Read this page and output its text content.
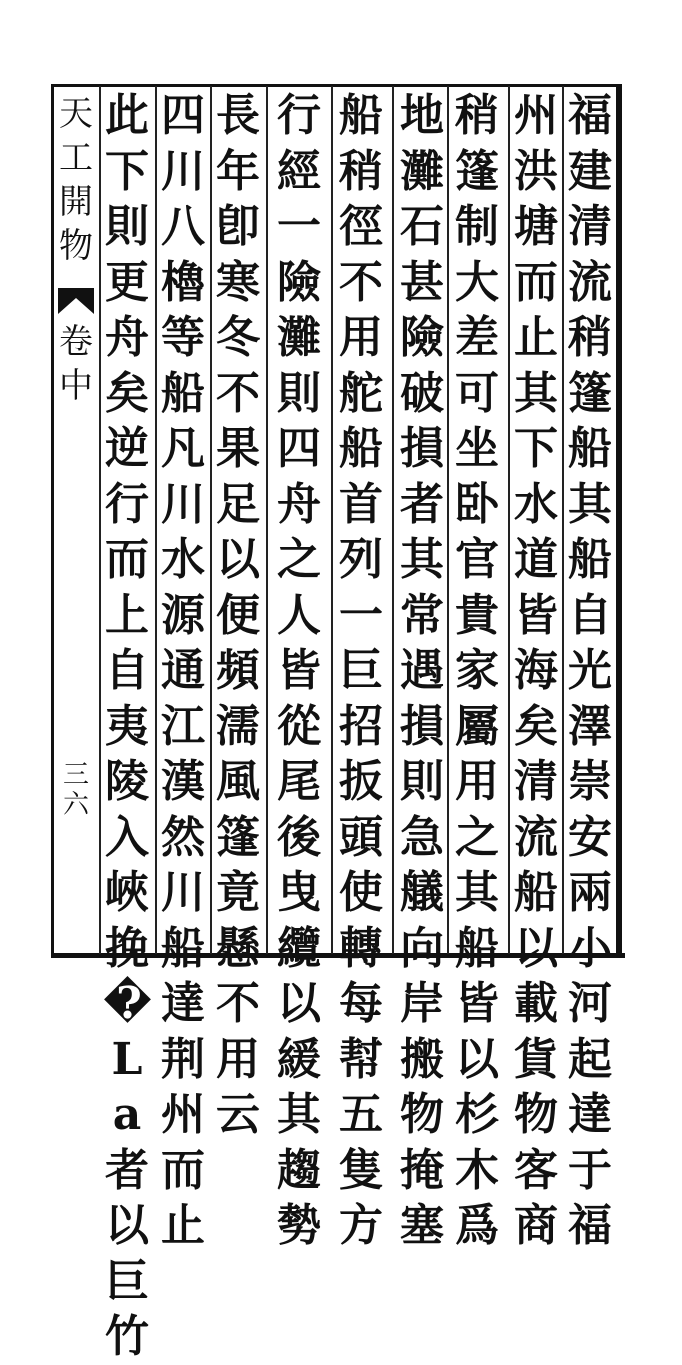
天
工
開
物
卷
中
三
六
福
建
清
流
稍
篷
船
其
船
自
光
澤
崇
安
兩
小
河
起
達
于
福
州
洪
塘
而
止
其
下
水
道
皆
海
矣
清
流
船
以
載
貨
物
客
商
稍
篷
制
大
差
可
坐
卧
官
貴
家
屬
用
之
其
船
皆
以
杉
木
爲
地
灘
石
甚
險
破
損
者
其
常
遇
損
則
急
艤
向
岸
搬
物
掩
塞
船
稍
徑
不
用
舵
船
首
列
一
巨
招
扳
頭
使
轉
每
幇
五
隻
方
行
經
一
險
灘
則
四
舟
之
人
皆
從
尾
後
曳
纜
以
緩
其
趨
勢
長
年
卽
寒
冬
不
果
足
以
便
頻
濡
風
篷
竟
懸
不
用
云
四
川
八
櫓
等
船
凡
川
水
源
通
江
漢
然
川
船
達
荆
州
而
止
此
下
則
更
舟
矣
逆
行
而
上
自
夷
陵
入
峽
挽
�
L
a
者
以
巨
竹
